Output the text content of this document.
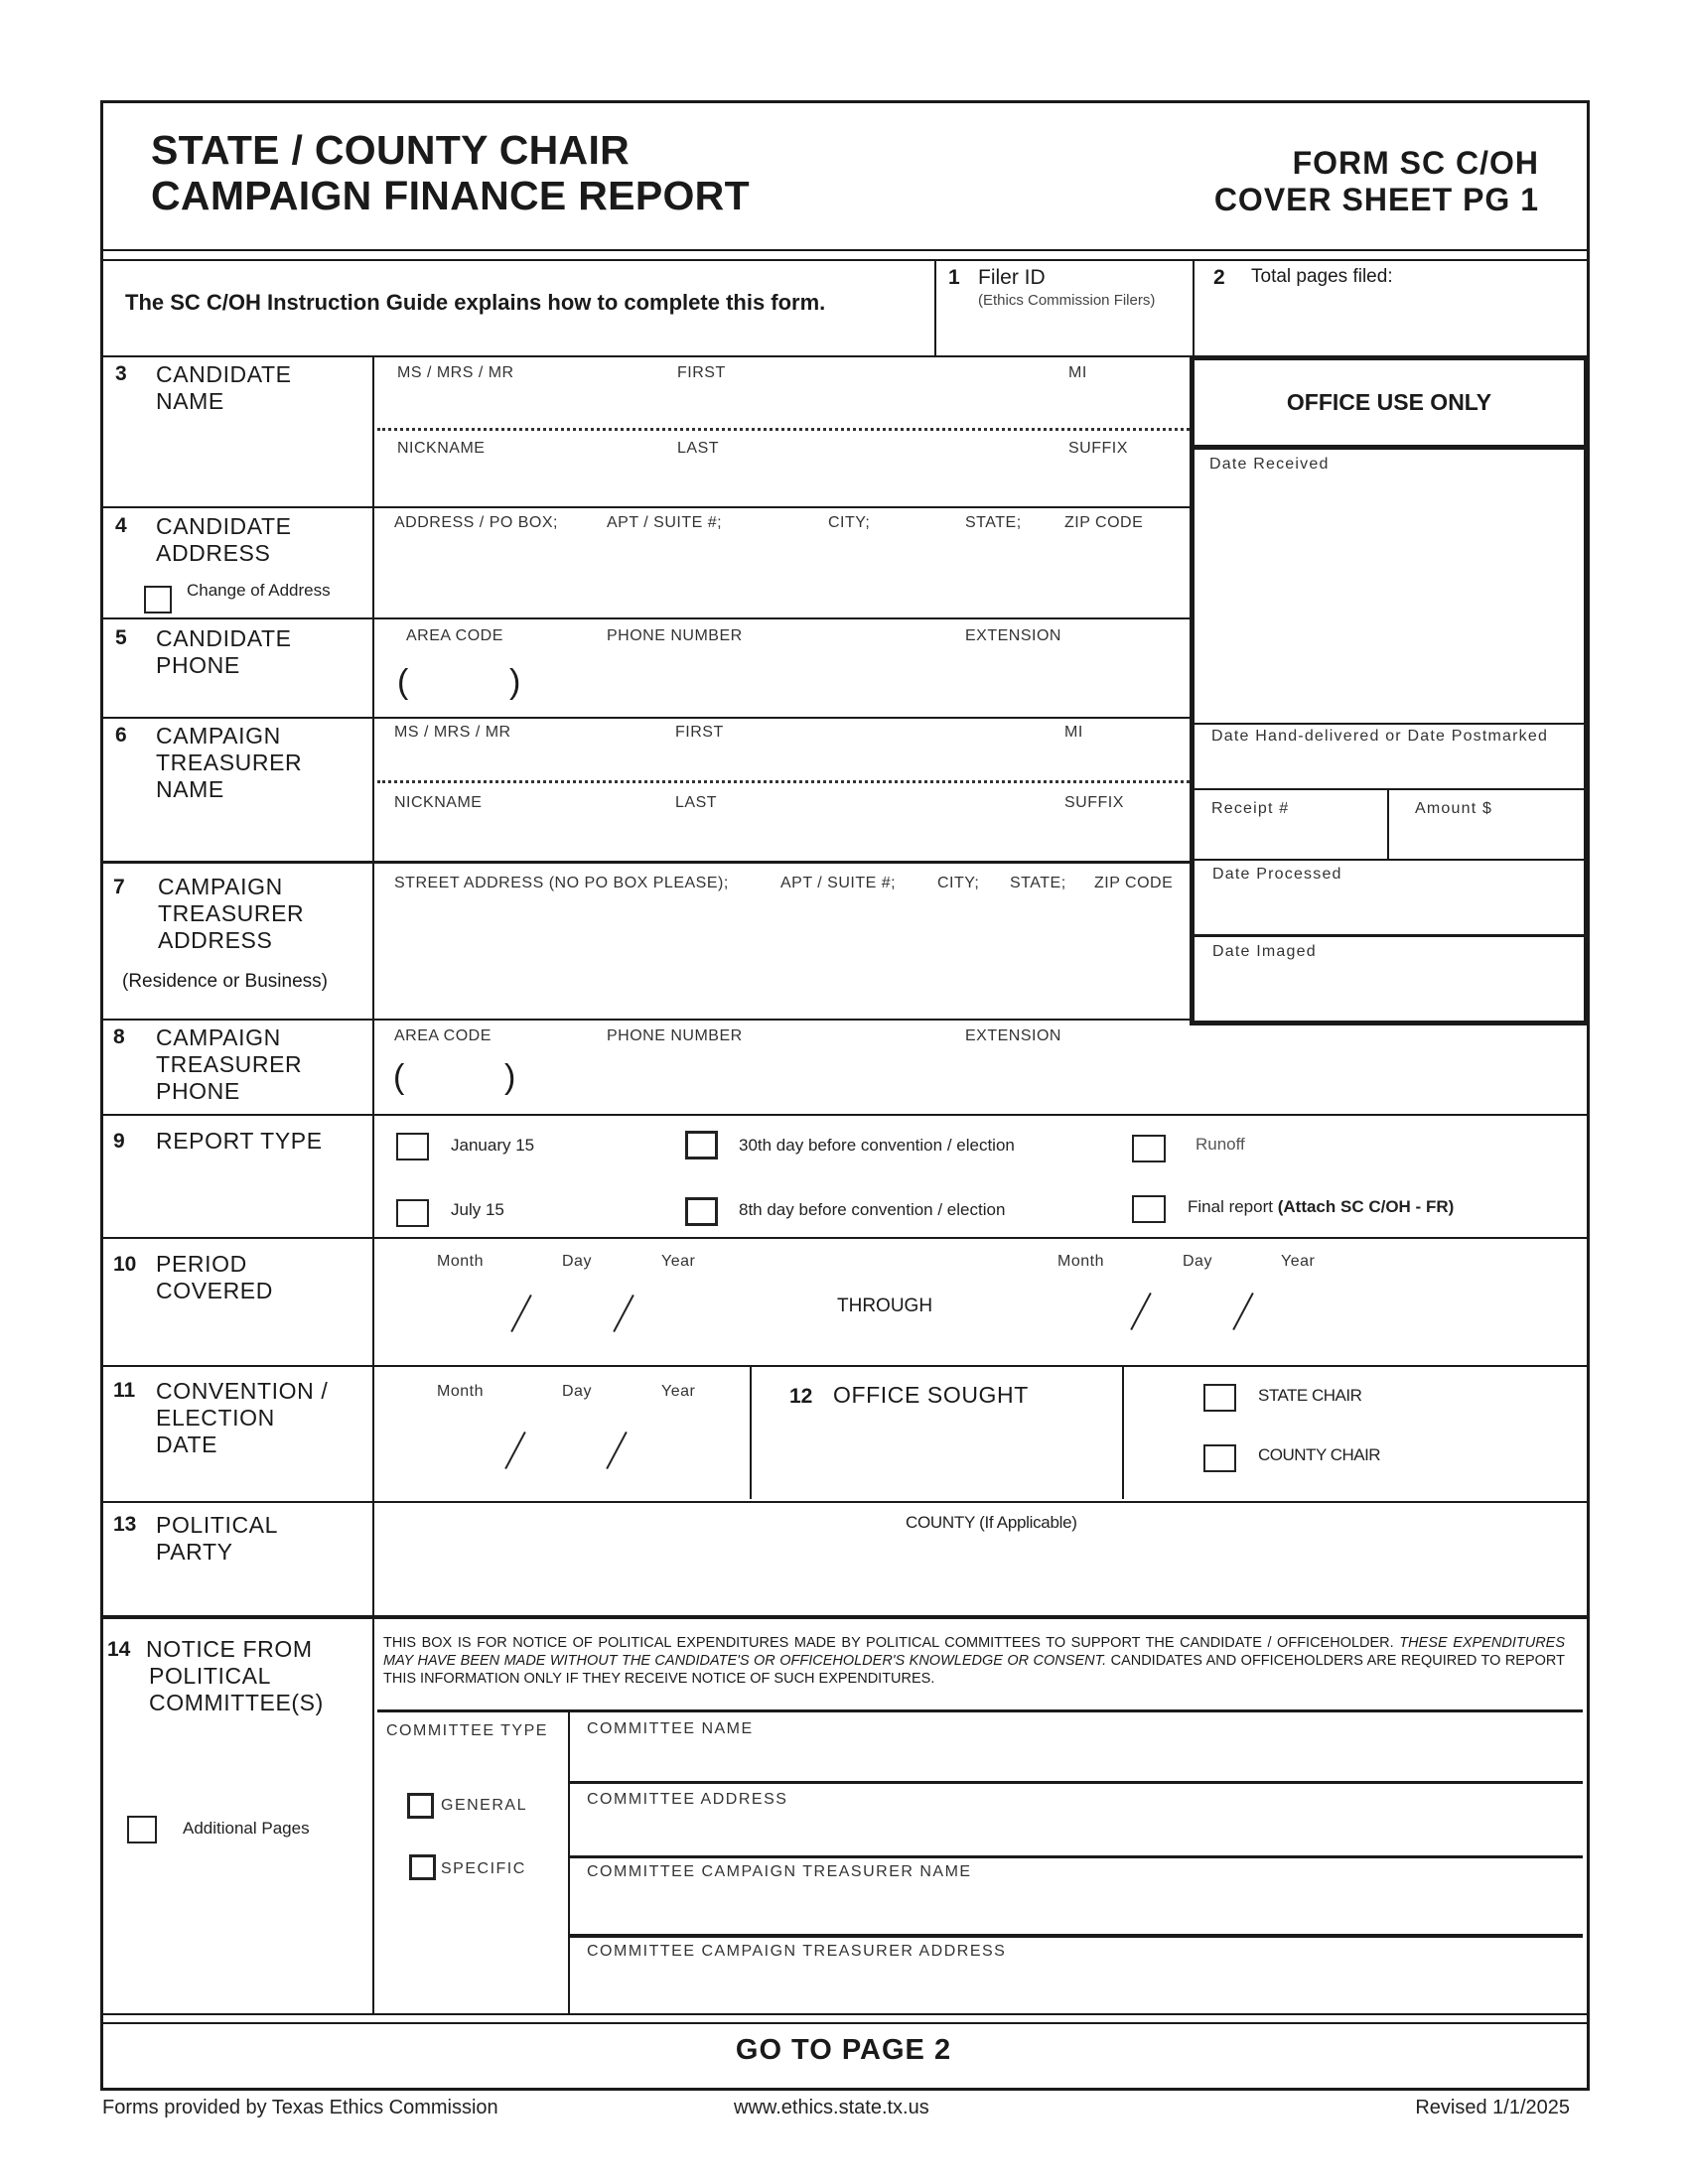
STATE / COUNTY CHAIR
CAMPAIGN FINANCE REPORT
FORM SC C/OH
COVER SHEET PG 1
The SC C/OH Instruction Guide explains how to complete this form.
1 Filer ID
(Ethics Commission Filers)
2 Total pages filed:
3 CANDIDATE
NAME
MS / MRS / MR	FIRST	MI
NICKNAME	LAST	SUFFIX
4 CANDIDATE
ADDRESS
Change of Address
ADDRESS / PO BOX;	APT / SUITE #;	CITY;	STATE;	ZIP CODE
5 CANDIDATE
PHONE
AREA CODE	PHONE NUMBER	EXTENSION
(	)
6 CAMPAIGN
TREASURER
NAME
MS / MRS / MR	FIRST	MI
NICKNAME	LAST	SUFFIX
7 CAMPAIGN
TREASURER
ADDRESS
(Residence or Business)
STREET ADDRESS (NO PO BOX PLEASE);	APT / SUITE #;	CITY; STATE; ZIP CODE
8 CAMPAIGN
TREASURER
PHONE
AREA CODE	PHONE NUMBER	EXTENSION
(	)
9 REPORT TYPE	January 15	30th day before convention / election	Runoff
July 15	8th day before convention / election	Final report (Attach SC C/OH - FR)
10 PERIOD
COVERED
Month	Day	Year
THROUGH
Month	Day	Year
11 CONVENTION /
ELECTION
DATE
Month	Day	Year	12 OFFICE SOUGHT	STATE CHAIR
COUNTY CHAIR
13 POLITICAL
PARTY
COUNTY (If Applicable)
14 NOTICE FROM
POLITICAL
COMMITTEE(S)
Additional Pages
THIS BOX IS FOR NOTICE OF POLITICAL EXPENDITURES MADE BY POLITICAL COMMITTEES TO SUPPORT THE CANDIDATE / OFFICEHOLDER. THESE EXPENDITURES MAY HAVE BEEN MADE WITHOUT THE CANDIDATE'S OR OFFICEHOLDER'S KNOWLEDGE OR CONSENT. CANDIDATES AND OFFICEHOLDERS ARE REQUIRED TO REPORT THIS INFORMATION ONLY IF THEY RECEIVE NOTICE OF SUCH EXPENDITURES.
COMMITTEE TYPE
GENERAL
SPECIFIC
COMMITTEE NAME
COMMITTEE ADDRESS
COMMITTEE CAMPAIGN TREASURER NAME
COMMITTEE CAMPAIGN TREASURER ADDRESS
GO TO PAGE 2
OFFICE USE ONLY
Date Received
Date Hand-delivered or Date Postmarked
Receipt #	Amount $
Date Processed
Date Imaged
Forms provided by Texas Ethics Commission	www.ethics.state.tx.us	Revised 1/1/2025
